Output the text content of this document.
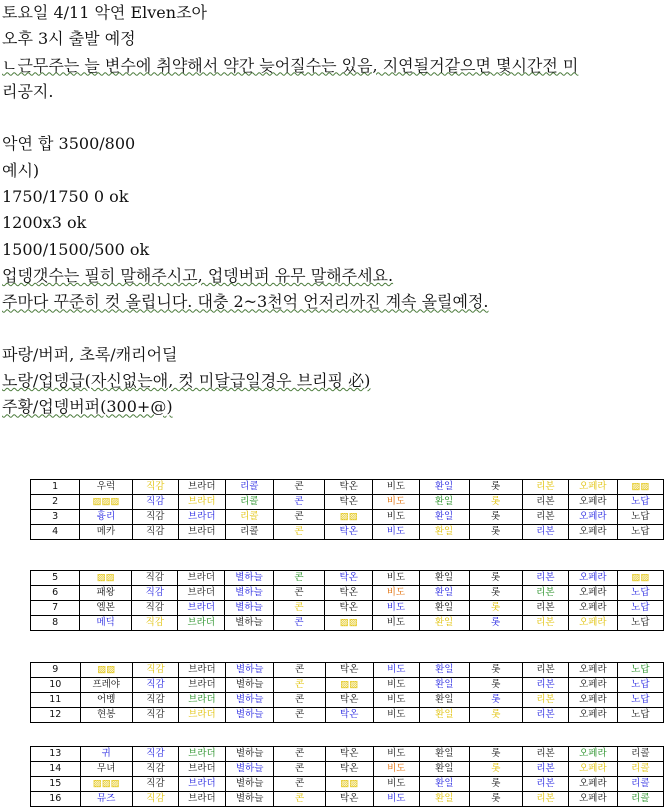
토요일 4/11 악연 Elven조아
오후 3시 출발 예정
ㄴ근무주는 늘 변수에 취약해서 약간 늦어질수는 있음, 지연될거같으면 몇시간전 미
리공지.
악연 합 3500/800
예시)
1750/1750 0 ok
1200x3 ok
1500/1500/500 ok
업뎅갯수는 필히 말해주시고, 업뎅버퍼 유무 말해주세요.
주마다 꾸준히 컷 올립니다. 대충 2~3천억 언저리까진 계속 올릴예정.
파랑/버퍼, 초록/캐리어딜
노랑/업뎅급(자신없는애, 컷 미달급일경우 브리핑 必)
주황/업뎅버퍼(300+@)
1	우럭	직감	브라더	리콜	콘	탁온	비도	환일	롯	리본	오페라	▨▨
2	▨▨▨	직감	브라더	리콜	콘	탁온	비도	환일	롯	리본	오페라	노답
3	흉리	직감	브라더	리콜	콘	▨▨	비도	환일	롯	리본	오페라	노답
4	메카	직감	브라더	리콜	콘	탁온	비도	환일	롯	리본	오페라	노답
5	▨▨	직감	브라더	별하늘	콘	탁온	비도	환일	롯	리본	오페라	▨▨
6	패왕	직감	브라더	별하늘	콘	탁온	비도	환일	롯	리본	오페라	노답
7	엘본	직감	브라더	별하늘	콘	탁온	비도	환일	롯	리본	오페라	노답
8	메딕	직감	브라더	별하늘	콘	▨▨	비도	환일	롯	리본	오페라	노답
9	▨▨	직감	브라더	별하늘	콘	탁온	비도	환일	롯	리본	오페라	노답
10	프레야	직감	브라더	별하늘	콘	▨▨	비도	환일	롯	리본	오페라	노답
11	어벵	직감	브라더	별하늘	콘	탁온	비도	환일	롯	리본	오페라	노답
12	현봉	직감	브라더	별하늘	콘	탁온	비도	환일	롯	리본	오페라	노답
13	귀	직감	브라더	별하늘	콘	탁온	비도	환일	롯	리본	오페라	리콜
14	무녀	직감	브라더	별하늘	콘	탁온	비도	환일	롯	리본	오페라	리콜
15	▨▨▨	직감	브라더	별하늘	콘	▨▨	비도	환일	롯	리본	오페라	리콜
16	뮤즈	직감	브라더	별하늘	콘	탁온	비도	환일	롯	리본	오페라	리콜
